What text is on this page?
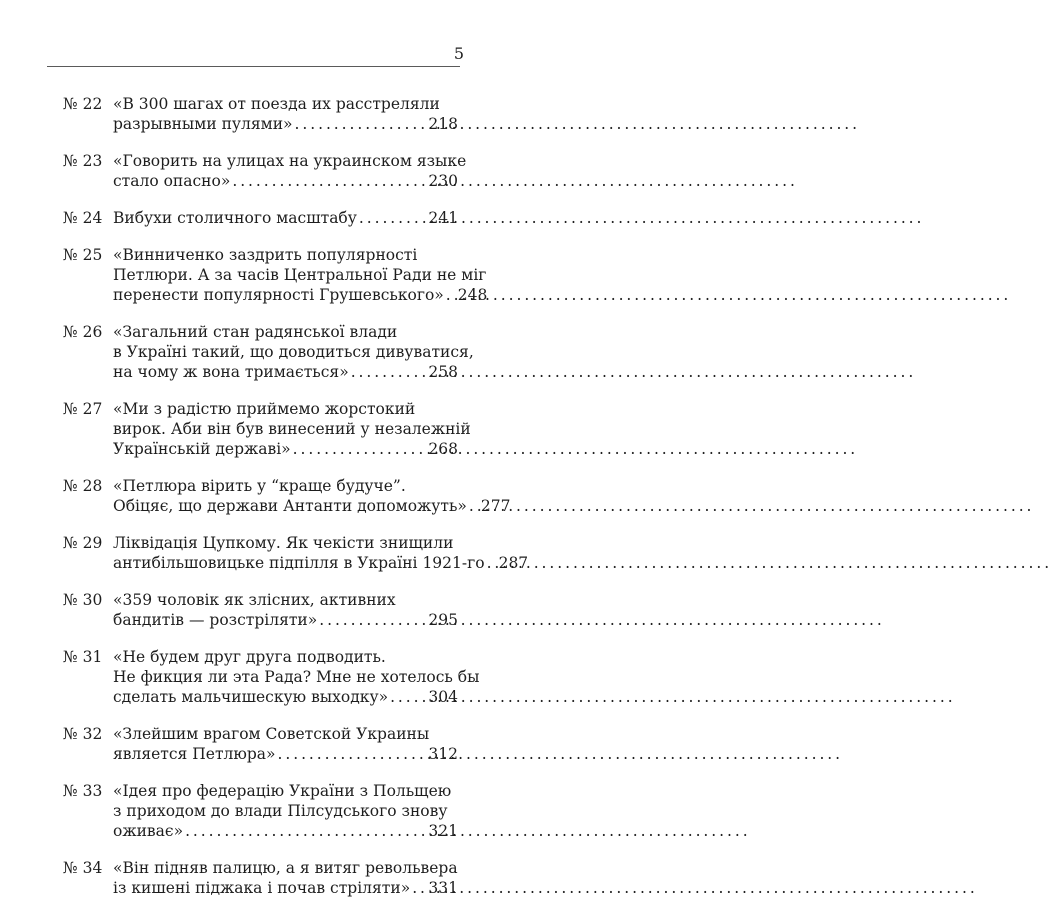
5
№ 22 «В 300 шагах от поезда их расстреляли
разрывными пулями» . . .	218
№ 23 «Говорить на улицах на украинском языке
стало опасно» . . .	230
№ 24 Вибухи столичного масштабу . . .	241
№ 25 «Винниченко заздрить популярності
Петлюри. А за часів Центральної Ради не міг
перенести популярності Грушевського» . . . 248
№ 26 «Загальний стан радянської влади
в Україні такий, що доводиться дивуватися,
на чому ж вона тримається» . . .	258
№ 27 «Ми з радістю приймемо жорстокий
вирок. Аби він був винесений у незалежній
Українській державі» . . .	268
№ 28 «Петлюра вірить у “краще будуче”.
Обіцяє, що держави Антанти допоможуть» . . . 277
№ 29 Ліквідація Цупкому. Як чекісти знищили
антибільшовицьке підпілля в Україні 1921-го . . . 287
№ 30 «359 чоловік як злісних, активних
бандитів — розстріляти» . . .	295
№ 31 «Не будем друг друга подводить.
Не фикция ли эта Рада? Мне не хотелось бы
сделать мальчишескую выходку» . . .	304
№ 32 «Злейшим врагом Советской Украины
является Петлюра» . . .	312
№ 33 «Ідея про федерацію України з Польщею
з приходом до влади Пілсудського знову
оживає» . . .	321
№ 34 «Він підняв палицю, а я витяг револьвера
із кишені піджака і почав стріляти» . . . 331
